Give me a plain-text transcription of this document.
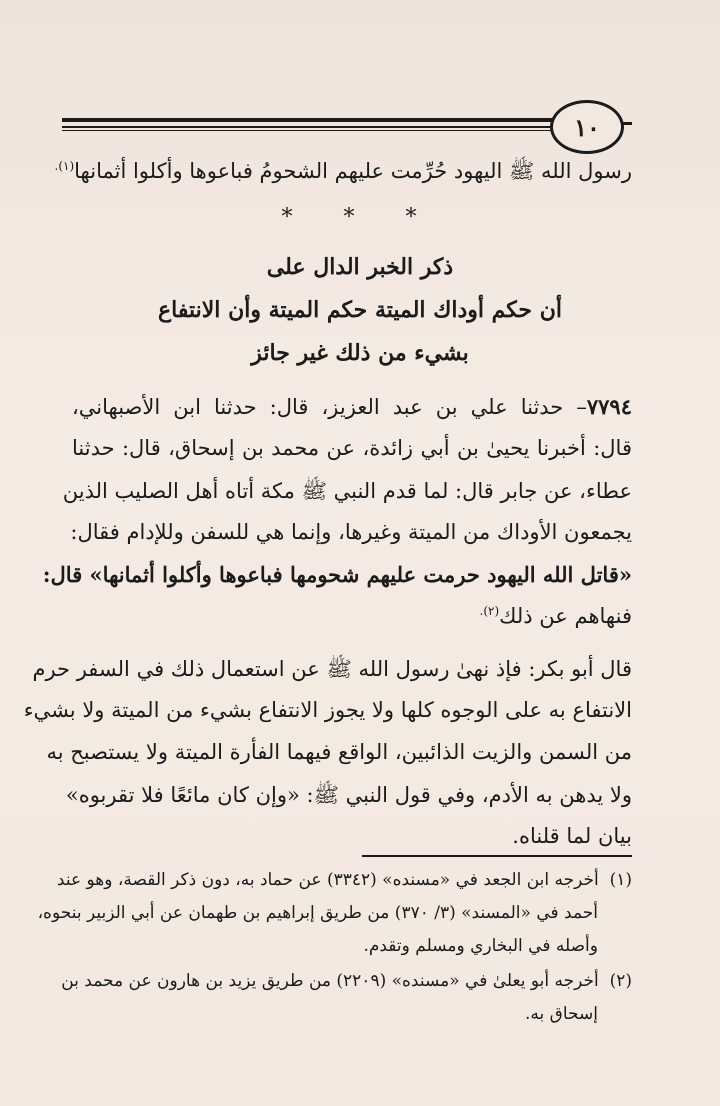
١٠
رسول الله ﷺ اليهود حُرِّمت عليهم الشحومُ فباعوها وأكلوا أثمانها$^{(١).}$
* * *
ذكر الخبر الدال على
أن حكم أوداك الميتة حكم الميتة وأن الانتفاع
بشيء من ذلك غير جائز
٧٧٩٤– حدثنا علي بن عبد العزيز، قال: حدثنا ابن الأصبهاني،
قال: أخبرنا يحيىٰ بن أبي زائدة، عن محمد بن إسحاق، قال: حدثنا
عطاء، عن جابر قال: لما قدم النبي ﷺ مكة أتاه أهل الصليب الذين
يجمعون الأوداك من الميتة وغيرها، وإنما هي للسفن وللإدام فقال:
«قاتل الله اليهود حرمت عليهم شحومها فباعوها وأكلوا أثمانها» قال:
فنهاهم عن ذلك$^{(٢).}$
قال أبو بكر: فإذ نهىٰ رسول الله ﷺ عن استعمال ذلك في السفر حرم
الانتفاع به على الوجوه كلها ولا يجوز الانتفاع بشيء من الميتة ولا بشيء
من السمن والزيت الذائبين، الواقع فيهما الفأرة الميتة ولا يستصبح به
ولا يدهن به الأدم، وفي قول النبي ﷺ: «وإن كان مائعًا فلا تقربوه»
بيان لما قلناه.
(١)  أخرجه ابن الجعد في «مسنده» (٣٣٤٢) عن حماد به، دون ذكر القصة، وهو عند
أحمد في «المسند» (٣/ ٣٧٠) من طريق إبراهيم بن طهمان عن أبي الزبير بنحوه،
وأصله في البخاري ومسلم وتقدم.
(٢)  أخرجه أبو يعلىٰ في «مسنده» (٢٢٠٩) من طريق يزيد بن هارون عن محمد بن
إسحاق به.
